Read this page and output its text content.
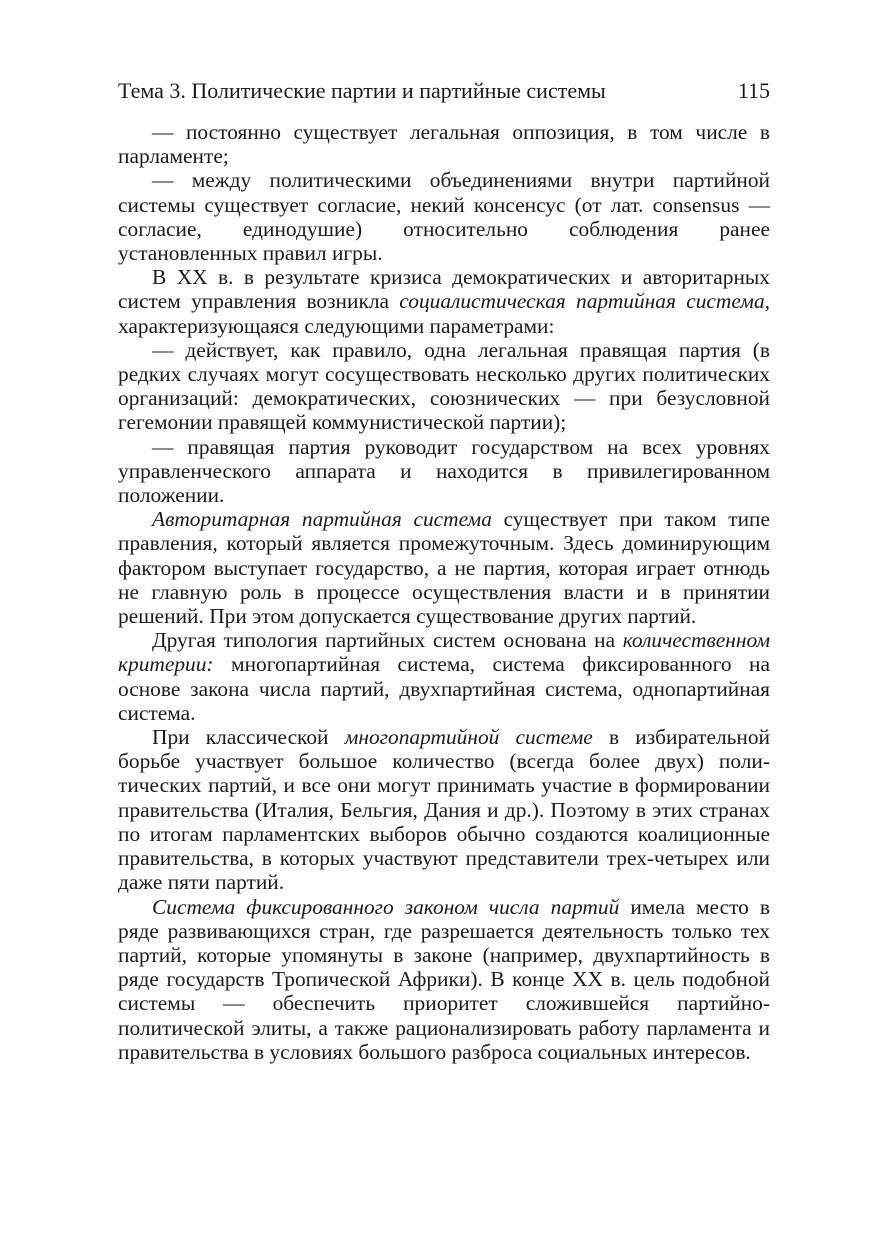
Тема 3. Политические партии и партийные системы	115

— постоянно существует легальная оппозиция, в том числе в парламенте;

— между политическими объединениями внутри партийной системы существует согласие, некий консенсус (от лат. consensus — согласие, единодушие) относительно соблюдения ранее установленных правил игры.

В XX в. в результате кризиса демократических и авторитарных систем управления возникла социалистическая партийная система, характеризующаяся следующими параметрами:

— действует, как правило, одна легальная правящая партия (в редких случаях могут сосуществовать несколько других политических организаций: демократических, союзнических — при безусловной гегемонии правящей коммунистической партии);

— правящая партия руководит государством на всех уровнях управленческого аппарата и находится в привилегированном положении.

Авторитарная партийная система существует при таком типе правления, который является промежуточным. Здесь доминирующим фактором выступает государство, а не партия, которая играет отнюдь не главную роль в процессе осуществления власти и в принятии решений. При этом допускается существование других партий.

Другая типология партийных систем основана на количественном критерии: многопартийная система, система фиксированного на основе закона числа партий, двухпартийная система, однопартийная система.

При классической многопартийной системе в избирательной борьбе участвует большое количество (всегда более двух) политических партий, и все они могут принимать участие в формировании правительства (Италия, Бельгия, Дания и др.). Поэтому в этих странах по итогам парламентских выборов обычно создаются коалиционные правительства, в которых участвуют представители трех-четырех или даже пяти партий.

Система фиксированного законом числа партий имела место в ряде развивающихся стран, где разрешается деятельность только тех партий, которые упомянуты в законе (например, двухпартийность в ряде государств Тропической Африки). В конце XX в. цель подобной системы — обеспечить приоритет сложившейся партийно-политической элиты, а также рационализировать работу парламента и правительства в условиях большого разброса социальных интересов.
